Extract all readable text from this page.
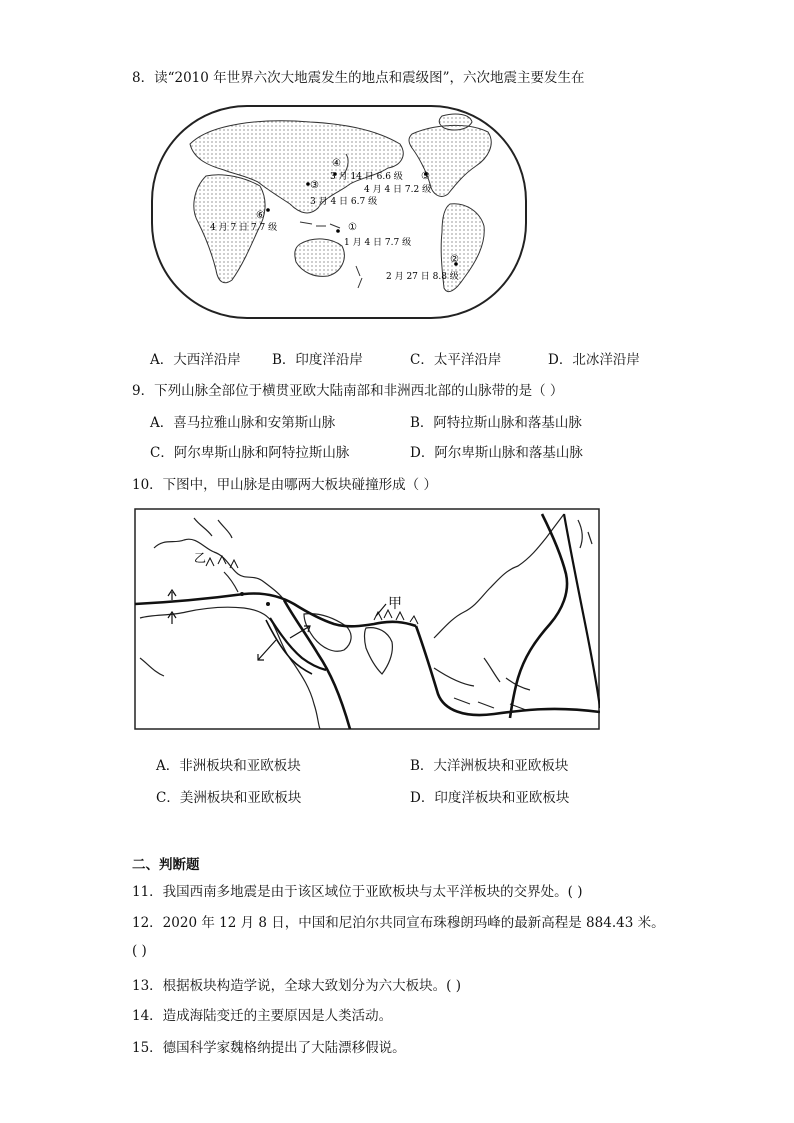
8．读“2010 年世界六次大地震发生的地点和震级图”，六次地震主要发生在
④
3 月 14 日 6.6 级 ⑤
4 月 4 日 7.2 级
③
3 月 4 日 6.7 级
⑥
4 月 7 日 7.7 级	①
1 月 4 日 7.7 级
②
2 月 27 日 8.8 级
A．大西洋沿岸 B．印度洋沿岸	C．太平洋沿岸	D．北冰洋沿岸
9．下列山脉全部位于横贯亚欧大陆南部和非洲西北部的山脉带的是（ ）
A．喜马拉雅山脉和安第斯山脉	B．阿特拉斯山脉和落基山脉
C．阿尔卑斯山脉和阿特拉斯山脉	D．阿尔卑斯山脉和落基山脉
10．下图中，甲山脉是由哪两大板块碰撞形成（ ）
甲
乙
A．非洲板块和亚欧板块	B．大洋洲板块和亚欧板块
C．美洲板块和亚欧板块	D．印度洋板块和亚欧板块
二、判断题
11．我国西南多地震是由于该区域位于亚欧板块与太平洋板块的交界处。( )
12．2020 年 12 月 8 日，中国和尼泊尔共同宣布珠穆朗玛峰的最新高程是 884.43 米。
( )
13．根据板块构造学说，全球大致划分为六大板块。( )
14．造成海陆变迁的主要原因是人类活动。
15．德国科学家魏格纳提出了大陆漂移假说。
